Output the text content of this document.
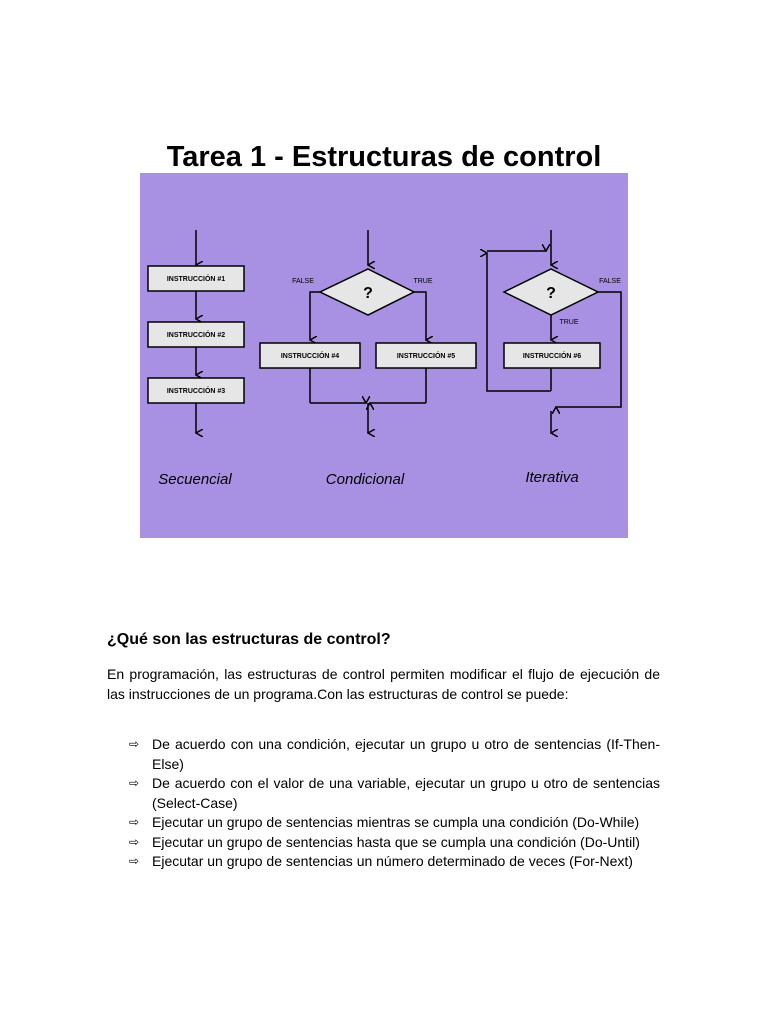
Tarea 1 - Estructuras de control
INSTRUCCIÓN #1
INSTRUCCIÓN #2
INSTRUCCIÓN #3
INSTRUCCIÓN #4	INSTRUCCIÓN #5	INSTRUCCIÓN #6
?	?
FALSE	TRUE	FALSE
TRUE
Secuencial	Condicional	Iterativa
¿Qué son las estructuras de control?
En programación, las estructuras de control permiten modificar el flujo de ejecución de las instrucciones de un programa.Con las estructuras de control se puede:
⇨ De acuerdo con una condición, ejecutar un grupo u otro de sentencias (If-Then-Else)
⇨ De acuerdo con el valor de una variable, ejecutar un grupo u otro de sentencias (Select-Case)
⇨ Ejecutar un grupo de sentencias mientras se cumpla una condición (Do-While)
⇨ Ejecutar un grupo de sentencias hasta que se cumpla una condición (Do-Until)
⇨ Ejecutar un grupo de sentencias un número determinado de veces (For-Next)
